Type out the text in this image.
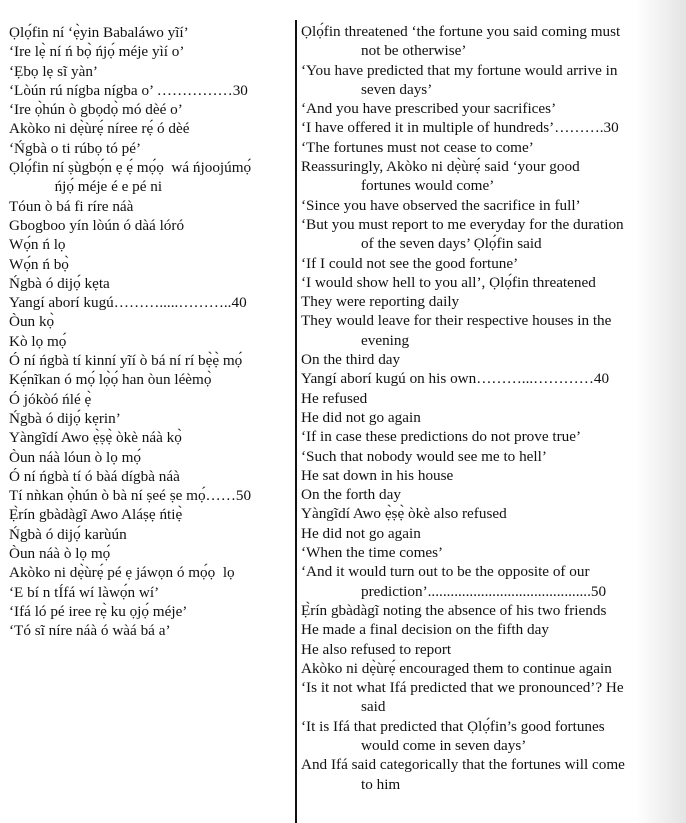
Ọlọ́fin ní ‘ẹ̀yin Babaláwo yĩí’
‘Ire lẹ̀ ní ń bọ̀ ńjọ́ méje yìí o’
‘Ẹbọ lẹ sĩ yàn’
‘Lòún rú nígba nígba o’ ……………30
‘Ire ọ̀hún ò gbọdọ̀ mó dèé o’
Akòko ni dẹ̀ùrẹ́ níree rẹ́ ó dèé
‘Ńgbà o ti rúbọ tó pé’
Ọlọ́fin ní ṣùgbọ́n ẹ ẹ́ mọ́ọ  wá ńjoojúmọ́
ńjọ́ méje é e pé ni
Tóun ò bá fi ríre náà
Gbogboo yín lòún ó dàá lóró
Wọ́n ń lọ
Wọ́n ń bọ̀
Ńgbà ó dijọ́ kẹta
Yangí aborí kugú……….....………..40
Òun kọ̀
Kò lọ mọ́
Ó ní ńgbà tí kinní yĩí ò bá ní rí bẹ̀ẹ̀ mọ́
Kẹ́nĩkan ó mọ́ lọ̀ọ́ han òun léèmọ̀
Ó jókòó ńlé ẹ̀
Ńgbà ó dijọ́ kẹrin’
Yàngĩdí Awo ẹ̀ṣẹ̀ òkè náà kọ̀
Òun náà lóun ò lọ mọ́
Ó ní ńgbà tí ó bàá dígbà náà
Tí nǹkan ọ̀hún ò bà ní ṣeé ṣe mọ́……50
Ẹ̀rín gbàdàgĩ Awo Aláṣẹ ńtiẹ̀
Ńgbà ó dijọ́ karùún
Òun náà ò lọ mọ́
Akòko ni dẹ̀ùrẹ́ pé ẹ jáwọn ó mọ́ọ  lọ
‘E bí n tÍfá wí làwọ́n wí’
‘Ifá ló pé iree rẹ̀ ku ọjọ́ méje’
‘Tó sĩ níre náà ó wàá bá a’
Ọlọ́fin threatened ‘the fortune you said coming must
not be otherwise’
‘You have predicted that my fortune would arrive in
seven days’
‘And you have prescribed your sacrifices’
‘I have offered it in multiple of hundreds’……….30
‘The fortunes must not cease to come’
Reassuringly, Akòko ni dẹ̀ùrẹ́ said ‘your good
fortunes would come’
‘Since you have observed the sacrifice in full’
‘But you must report to me everyday for the duration
of the seven days’ Ọlọ́fin said
‘If I could not see the good fortune’
‘I would show hell to you all’, Ọlọ́fin threatened
They were reporting daily
They would leave for their respective houses in the
evening
On the third day
Yangí aborí kugú on his own………...…………40
He refused
He did not go again
‘If in case these predictions do not prove true’
‘Such that nobody would see me to hell’
He sat down in his house
On the forth day
Yàngĩdí Awo ẹ̀ṣẹ̀ òkè also refused
He did not go again
‘When the time comes’
‘And it would turn out to be the opposite of our
prediction’...........................................50
Ẹ̀rín gbàdàgĩ noting the absence of his two friends
He made a final decision on the fifth day
He also refused to report
Akòko ni dẹ̀ùrẹ́ encouraged them to continue again
‘Is it not what Ifá predicted that we pronounced’? He
said
‘It is Ifá that predicted that Ọlọ́fin’s good fortunes
would come in seven days’
And Ifá said categorically that the fortunes will come
to him
